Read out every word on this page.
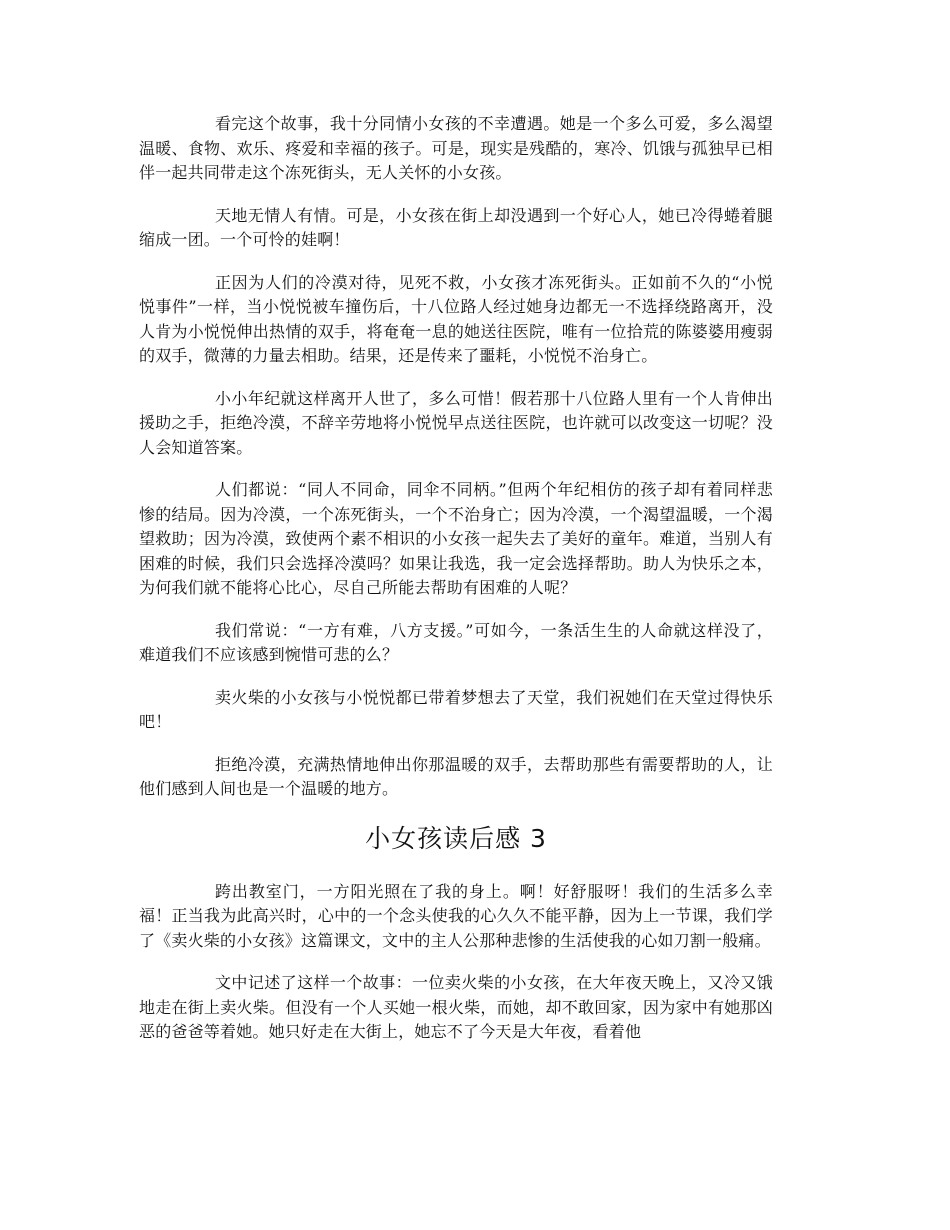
看完这个故事，我十分同情小女孩的不幸遭遇。她是一个多么可爱，多么渴望温暖、食物、欢乐、疼爱和幸福的孩子。可是，现实是残酷的，寒冷、饥饿与孤独早已相伴一起共同带走这个冻死街头，无人关怀的小女孩。

天地无情人有情。可是，小女孩在街上却没遇到一个好心人，她已冷得蜷着腿缩成一团。一个可怜的娃啊！

正因为人们的冷漠对待，见死不救，小女孩才冻死街头。正如前不久的“小悦悦事件”一样，当小悦悦被车撞伤后，十八位路人经过她身边都无一不选择绕路离开，没人肯为小悦悦伸出热情的双手，将奄奄一息的她送往医院，唯有一位拾荒的陈婆婆用瘦弱的双手，微薄的力量去相助。结果，还是传来了噩耗，小悦悦不治身亡。

小小年纪就这样离开人世了，多么可惜！假若那十八位路人里有一个人肯伸出援助之手，拒绝冷漠，不辞辛劳地将小悦悦早点送往医院，也许就可以改变这一切呢？没人会知道答案。

人们都说：“同人不同命，同伞不同柄。”但两个年纪相仿的孩子却有着同样悲惨的结局。因为冷漠，一个冻死街头，一个不治身亡；因为冷漠，一个渴望温暖，一个渴望救助；因为冷漠，致使两个素不相识的小女孩一起失去了美好的童年。难道，当别人有困难的时候，我们只会选择冷漠吗？如果让我选，我一定会选择帮助。助人为快乐之本，为何我们就不能将心比心，尽自己所能去帮助有困难的人呢？

我们常说：“一方有难，八方支援。”可如今，一条活生生的人命就这样没了，难道我们不应该感到惋惜可悲的么？

卖火柴的小女孩与小悦悦都已带着梦想去了天堂，我们祝她们在天堂过得快乐吧！

拒绝冷漠，充满热情地伸出你那温暖的双手，去帮助那些有需要帮助的人，让他们感到人间也是一个温暖的地方。

小女孩读后感 3

跨出教室门，一方阳光照在了我的身上。啊！好舒服呀！我们的生活多么幸福！正当我为此高兴时，心中的一个念头使我的心久久不能平静，因为上一节课，我们学了《卖火柴的小女孩》这篇课文，文中的主人公那种悲惨的生活使我的心如刀割一般痛。

文中记述了这样一个故事：一位卖火柴的小女孩，在大年夜天晚上，又冷又饿地走在街上卖火柴。但没有一个人买她一根火柴，而她，却不敢回家，因为家中有她那凶恶的爸爸等着她。她只好走在大街上，她忘不了今天是大年夜，看着他
